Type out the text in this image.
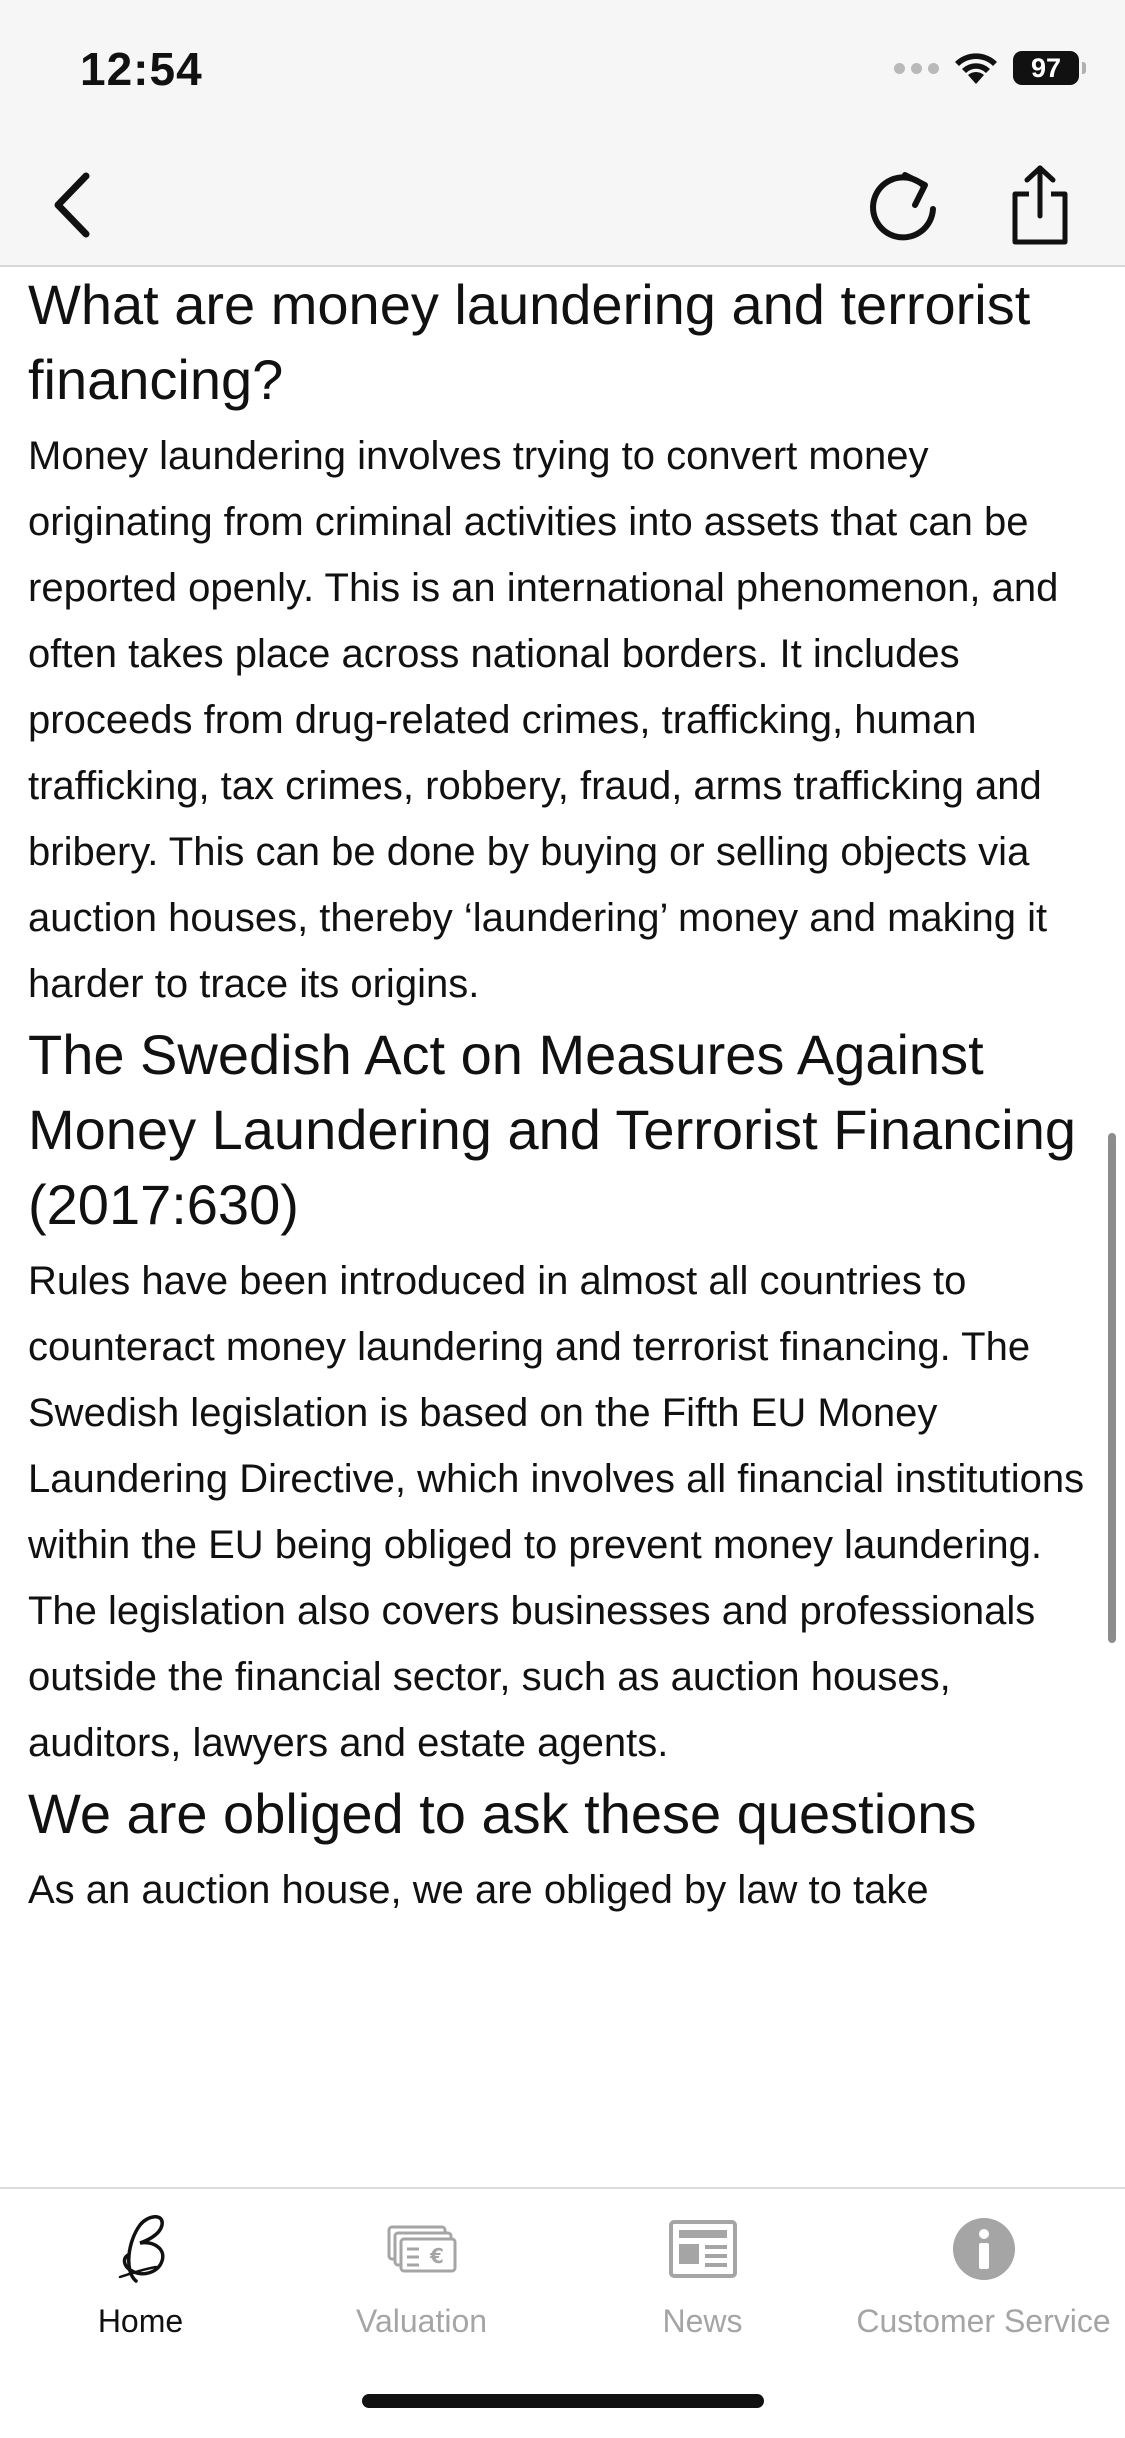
12:54	97
What are money laundering and terrorist financing?

Money laundering involves trying to convert money originating from criminal activities into assets that can be reported openly. This is an international phenomenon, and often takes place across national borders. It includes proceeds from drug-related crimes, trafficking, human trafficking, tax crimes, robbery, fraud, arms trafficking and bribery. This can be done by buying or selling objects via auction houses, thereby ‘laundering’ money and making it harder to trace its origins.

The Swedish Act on Measures Against Money Laundering and Terrorist Financing (2017:630)

Rules have been introduced in almost all countries to counteract money laundering and terrorist financing. The Swedish legislation is based on the Fifth EU Money Laundering Directive, which involves all financial institutions within the EU being obliged to prevent money laundering. The legislation also covers businesses and professionals outside the financial sector, such as auction houses, auditors, lawyers and estate agents.

We are obliged to ask these questions

As an auction house, we are obliged by law to take

Home
€
Valuation	News	Customer Service
